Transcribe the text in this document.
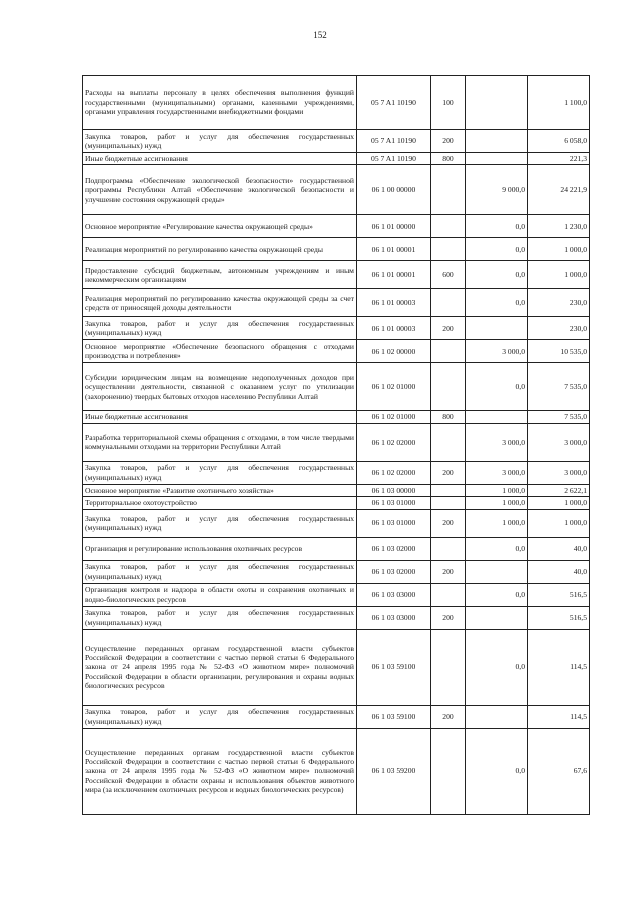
152
Расходы на выплаты персоналу в целях обеспечения выполнения функций государственными (муниципальными) органами, казенными учреждениями, органами управления государственными внебюджетными фондами	05 7 A1 10190	100		1 100,0
Закупка товаров, работ и услуг для обеспечения государственных (муниципальных) нужд	05 7 A1 10190	200		6 058,0
Иные бюджетные ассигнования	05 7 A1 10190	800		221,3
Подпрограмма «Обеспечение экологической безопасности» государственной программы Республики Алтай «Обеспечение экологической безопасности и улучшение состояния окружающей среды»	06 1 00 00000		9 000,0	24 221,9
Основное мероприятие «Регулирование качества окружающей среды»	06 1 01 00000		0,0	1 230,0
Реализация мероприятий по регулированию качества окружающей среды	06 1 01 00001		0,0	1 000,0
Предоставление субсидий бюджетным, автономным учреждениям и иным некоммерческим организациям	06 1 01 00001	600	0,0	1 000,0
Реализация мероприятий по регулированию качества окружающей среды за счет средств от приносящей доходы деятельности	06 1 01 00003		0,0	230,0
Закупка товаров, работ и услуг для обеспечения государственных (муниципальных) нужд	06 1 01 00003	200		230,0
Основное мероприятие «Обеспечение безопасного обращения с отходами производства и потребления»	06 1 02 00000		3 000,0	10 535,0
Субсидии юридическим лицам на возмещение недополученных доходов при осуществлении деятельности, связанной с оказанием услуг по утилизации (захоронению) твердых бытовых отходов населению Республики Алтай	06 1 02 01000		0,0	7 535,0
Иные бюджетные ассигнования	06 1 02 01000	800		7 535,0
Разработка территориальной схемы обращения с отходами, в том числе твердыми коммунальными отходами на территории Республики Алтай	06 1 02 02000		3 000,0	3 000,0
Закупка товаров, работ и услуг для обеспечения государственных (муниципальных) нужд	06 1 02 02000	200	3 000,0	3 000,0
Основное мероприятие «Развитие охотничьего хозяйства»	06 1 03 00000		1 000,0	2 622,1
Территориальное охотоустройство	06 1 03 01000		1 000,0	1 000,0
Закупка товаров, работ и услуг для обеспечения государственных (муниципальных) нужд	06 1 03 01000	200	1 000,0	1 000,0
Организация и регулирование использования охотничьих ресурсов	06 1 03 02000		0,0	40,0
Закупка товаров, работ и услуг для обеспечения государственных (муниципальных) нужд	06 1 03 02000	200		40,0
Организация контроля и надзора в области охоты и сохранения охотничьих и водно-биологических ресурсов	06 1 03 03000		0,0	516,5
Закупка товаров, работ и услуг для обеспечения государственных (муниципальных) нужд	06 1 03 03000	200		516,5
Осуществление переданных органам государственной власти субъектов Российской Федерации в соответствии с частью первой статьи 6 Федерального закона от 24 апреля 1995 года № 52-ФЗ «О животном мире» полномочий Российской Федерации в области организации, регулирования и охраны водных биологических ресурсов	06 1 03 59100		0,0	114,5
Закупка товаров, работ и услуг для обеспечения государственных (муниципальных) нужд	06 1 03 59100	200		114,5
Осуществление переданных органам государственной власти субъектов Российской Федерации в соответствии с частью первой статьи 6 Федерального закона от 24 апреля 1995 года № 52-ФЗ «О животном мире» полномочий Российской Федерации в области охраны и использования объектов животного мира (за исключением охотничьих ресурсов и водных биологических ресурсов)	06 1 03 59200		0,0	67,6
